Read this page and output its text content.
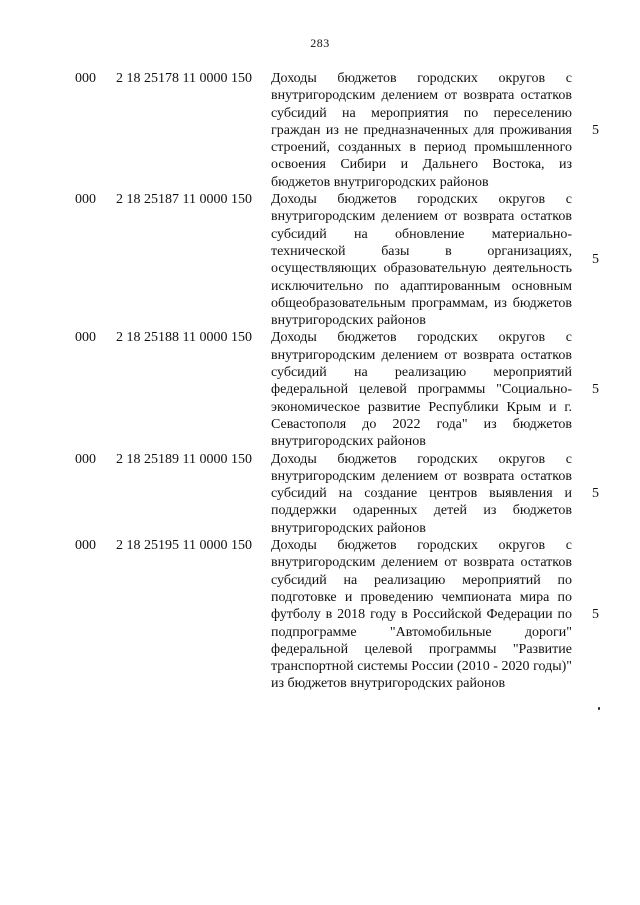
283
000 2 18 25178 11 0000 150 Доходы бюджетов городских округов с внутригородским делением от возврата остатков субсидий на мероприятия по переселению граждан из не предназначенных для проживания строений, созданных в период промышленного освоения Сибири и Дальнего Востока, из бюджетов внутригородских районов
5
000 2 18 25187 11 0000 150 Доходы бюджетов городских округов с внутригородским делением от возврата остатков субсидий на обновление материально-технической базы в организациях, осуществляющих образовательную деятельность исключительно по адаптированным основным общеобразовательным программам, из бюджетов внутригородских районов
5
000 2 18 25188 11 0000 150 Доходы бюджетов городских округов с внутригородским делением от возврата остатков субсидий на реализацию мероприятий федеральной целевой программы "Социально-экономическое развитие Республики Крым и г. Севастополя до 2022 года" из бюджетов внутригородских районов
5
000 2 18 25189 11 0000 150 Доходы бюджетов городских округов с внутригородским делением от возврата остатков субсидий на создание центров выявления и поддержки одаренных детей из бюджетов внутригородских районов
5
000 2 18 25195 11 0000 150 Доходы бюджетов городских округов с внутригородским делением от возврата остатков субсидий на реализацию мероприятий по подготовке и проведению чемпионата мира по футболу в 2018 году в Российской Федерации по подпрограмме "Автомобильные дороги" федеральной целевой программы "Развитие транспортной системы России (2010 - 2020 годы)" из бюджетов внутригородских районов
5
